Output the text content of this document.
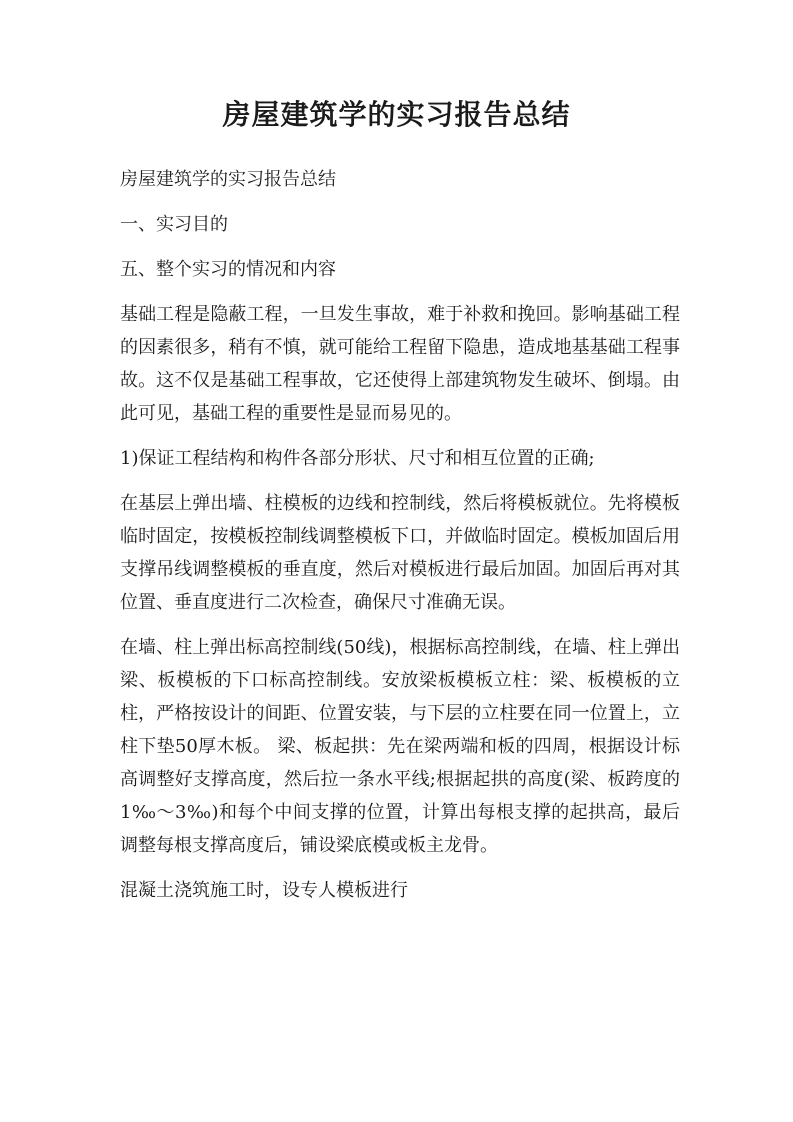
房屋建筑学的实习报告总结

房屋建筑学的实习报告总结

一、实习目的

五、整个实习的情况和内容

基础工程是隐蔽工程，一旦发生事故，难于补救和挽回。影响基础工程的因素很多，稍有不慎，就可能给工程留下隐患，造成地基基础工程事故。这不仅是基础工程事故，它还使得上部建筑物发生破坏、倒塌。由此可见，基础工程的重要性是显而易见的。

1)保证工程结构和构件各部分形状、尺寸和相互位置的正确;

在基层上弹出墙、柱模板的边线和控制线，然后将模板就位。先将模板临时固定，按模板控制线调整模板下口，并做临时固定。模板加固后用支撑吊线调整模板的垂直度，然后对模板进行最后加固。加固后再对其位置、垂直度进行二次检查，确保尺寸准确无误。

在墙、柱上弹出标高控制线(50线)，根据标高控制线，在墙、柱上弹出梁、板模板的下口标高控制线。安放梁板模板立柱：梁、板模板的立柱，严格按设计的间距、位置安装，与下层的立柱要在同一位置上，立柱下垫50厚木板。 梁、板起拱：先在梁两端和板的四周，根据设计标高调整好支撑高度，然后拉一条水平线;根据起拱的高度(梁、板跨度的1‰～3‰)和每个中间支撑的位置，计算出每根支撑的起拱高，最后调整每根支撑高度后，铺设梁底模或板主龙骨。

混凝土浇筑施工时，设专人模板进行
